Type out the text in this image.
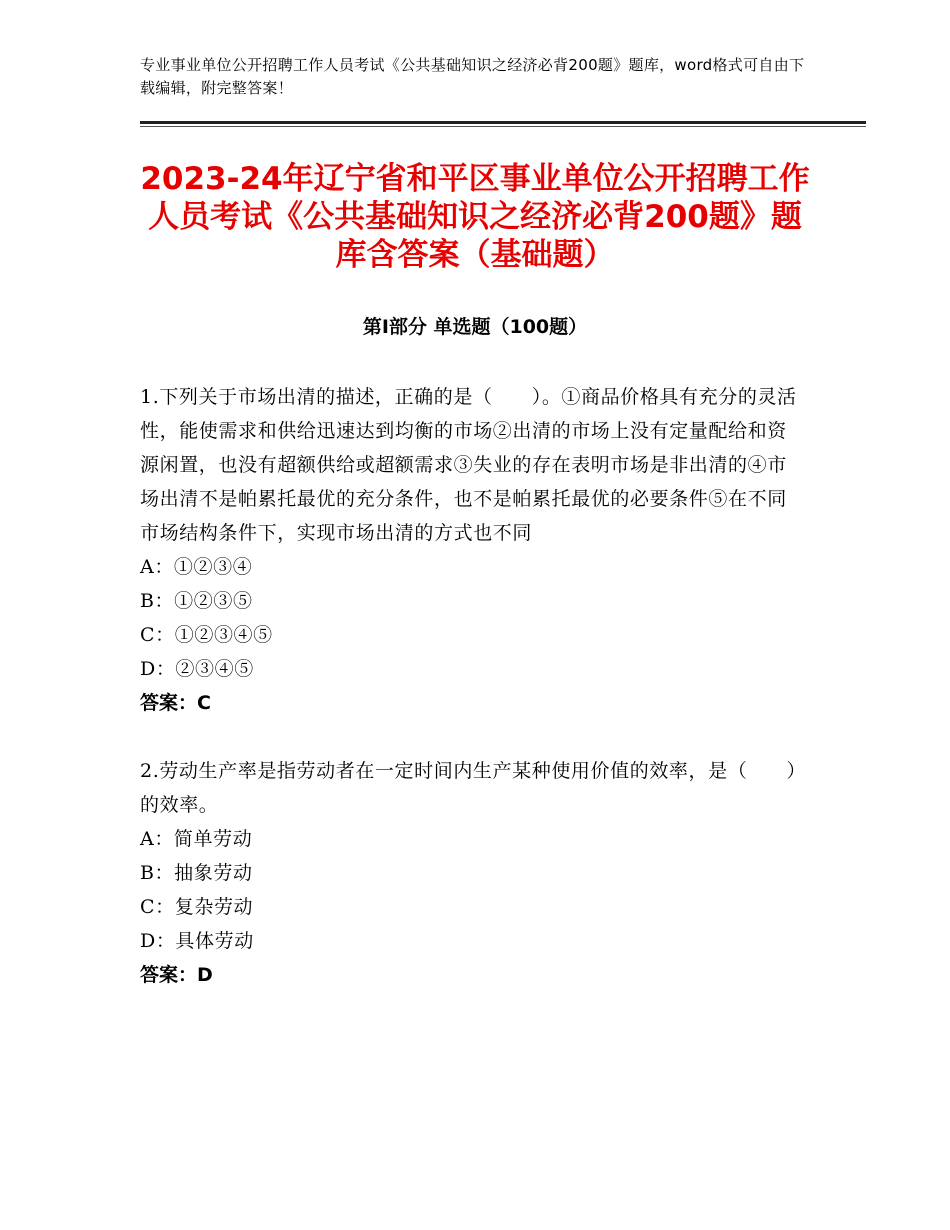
专业事业单位公开招聘工作人员考试《公共基础知识之经济必背200题》题库，word格式可自由下载编辑，附完整答案！
2023-24年辽宁省和平区事业单位公开招聘工作人员考试《公共基础知识之经济必背200题》题库含答案（基础题）
第I部分 单选题（100题）

1.下列关于市场出清的描述，正确的是（　　）。①商品价格具有充分的灵活性，能使需求和供给迅速达到均衡的市场②出清的市场上没有定量配给和资源闲置，也没有超额供给或超额需求③失业的存在表明市场是非出清的④市场出清不是帕累托最优的充分条件，也不是帕累托最优的必要条件⑤在不同市场结构条件下，实现市场出清的方式也不同

A：①②③④

B：①②③⑤

C：①②③④⑤

D：②③④⑤

答案：C

2.劳动生产率是指劳动者在一定时间内生产某种使用价值的效率，是（　　）的效率。

A：简单劳动

B：抽象劳动

C：复杂劳动

D：具体劳动

答案：D
